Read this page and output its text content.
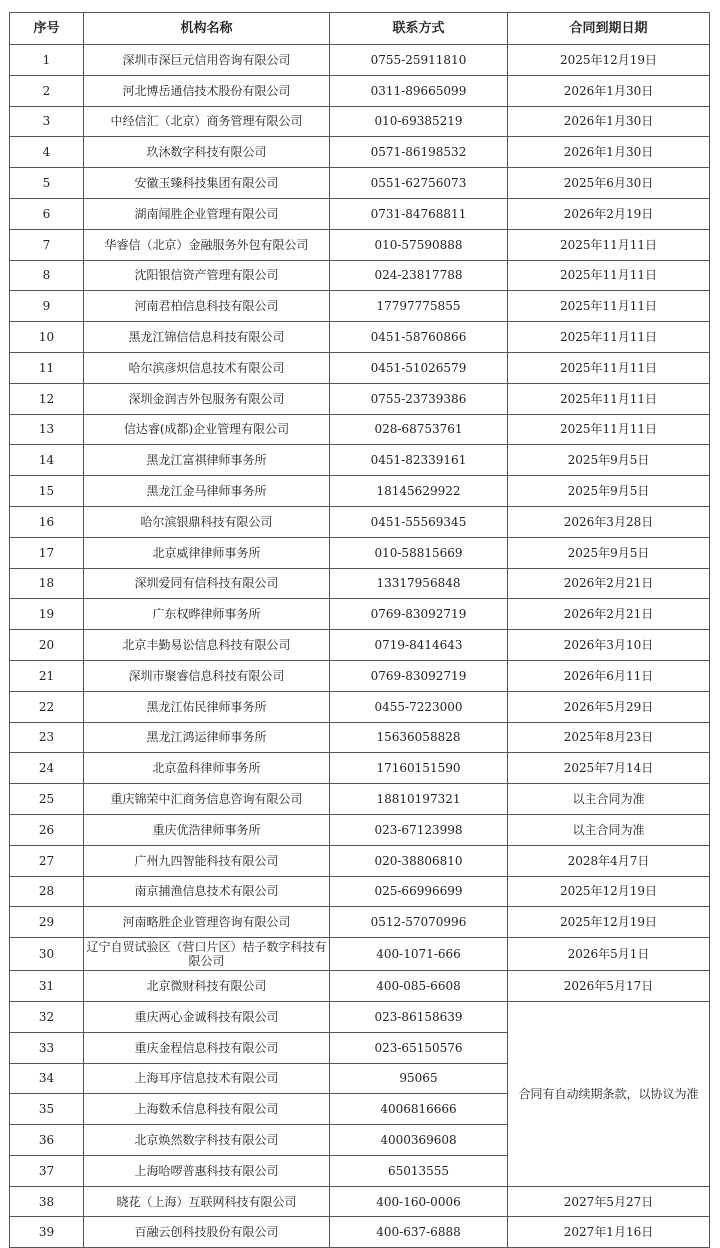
序号	机构名称	联系方式	合同到期日期
1	深圳市深巨元信用咨询有限公司	0755-25911810	2025年12月19日
2	河北博岳通信技术股份有限公司	0311-89665099	2026年1月30日
3	中经信汇（北京）商务管理有限公司	010-69385219	2026年1月30日
4	玖沐数字科技有限公司	0571-86198532	2026年1月30日
5	安徽玉臻科技集团有限公司	0551-62756073	2025年6月30日
6	湖南闻胜企业管理有限公司	0731-84768811	2026年2月19日
7	华睿信（北京）金融服务外包有限公司	010-57590888	2025年11月11日
8	沈阳银信资产管理有限公司	024-23817788	2025年11月11日
9	河南君柏信息科技有限公司	17797775855	2025年11月11日
10	黑龙江锦信信息科技有限公司	0451-58760866	2025年11月11日
11	哈尔滨彦炽信息技术有限公司	0451-51026579	2025年11月11日
12	深圳金润吉外包服务有限公司	0755-23739386	2025年11月11日
13	信达睿(成都)企业管理有限公司	028-68753761	2025年11月11日
14	黑龙江富祺律师事务所	0451-82339161	2025年9月5日
15	黑龙江金马律师事务所	18145629922	2025年9月5日
16	哈尔滨银鼎科技有限公司	0451-55569345	2026年3月28日
17	北京威律律师事务所	010-58815669	2025年9月5日
18	深圳爱同有信科技有限公司	13317956848	2026年2月21日
19	广东权晔律师事务所	0769-83092719	2026年2月21日
20	北京丰勤易讼信息科技有限公司	0719-8414643	2026年3月10日
21	深圳市聚睿信息科技有限公司	0769-83092719	2026年6月11日
22	黑龙江佑民律师事务所	0455-7223000	2026年5月29日
23	黑龙江鸿运律师事务所	15636058828	2025年8月23日
24	北京盈科律师事务所	17160151590	2025年7月14日
25	重庆锦荣中汇商务信息咨询有限公司	18810197321	以主合同为准
26	重庆优浩律师事务所	023-67123998	以主合同为准
27	广州九四智能科技有限公司	020-38806810	2028年4月7日
28	南京捕渔信息技术有限公司	025-66996699	2025年12月19日
29	河南略胜企业管理咨询有限公司	0512-57070996	2025年12月19日
30	辽宁自贸试验区（营口片区）桔子数字科技有限公司	400-1071-666	2026年5月1日
31	北京微财科技有限公司	400-085-6608	2026年5月17日
32	重庆两心金诚科技有限公司	023-86158639	合同有自动续期条款，以协议为准
33	重庆金程信息科技有限公司	023-65150576	
34	上海耳序信息技术有限公司	95065	
35	上海数禾信息科技有限公司	4006816666	
36	北京焕然数字科技有限公司	4000369608	
37	上海哈啰普惠科技有限公司	65013555	
38	晓花（上海）互联网科技有限公司	400-160-0006	2027年5月27日
39	百融云创科技股份有限公司	400-637-6888	2027年1月16日
